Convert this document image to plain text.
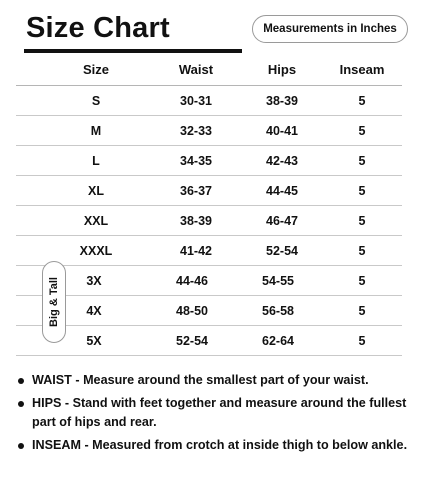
Size Chart	Measurements in Inches
Size	Waist	Hips	Inseam
S	30-31	38-39	5
M	32-33	40-41	5
L	34-35	42-43	5
XL	36-37	44-45	5
XXL	38-39	46-47	5
XXXL	41-42	52-54	5
3X	44-46	54-55	5
4X	48-50	56-58	5
5X	52-54	62-64	5
Big & Tall
WAIST - Measure around the smallest part of your waist.
HIPS - Stand with feet together and measure around the fullest part of hips and rear.
INSEAM - Measured from crotch at inside thigh to below ankle.
